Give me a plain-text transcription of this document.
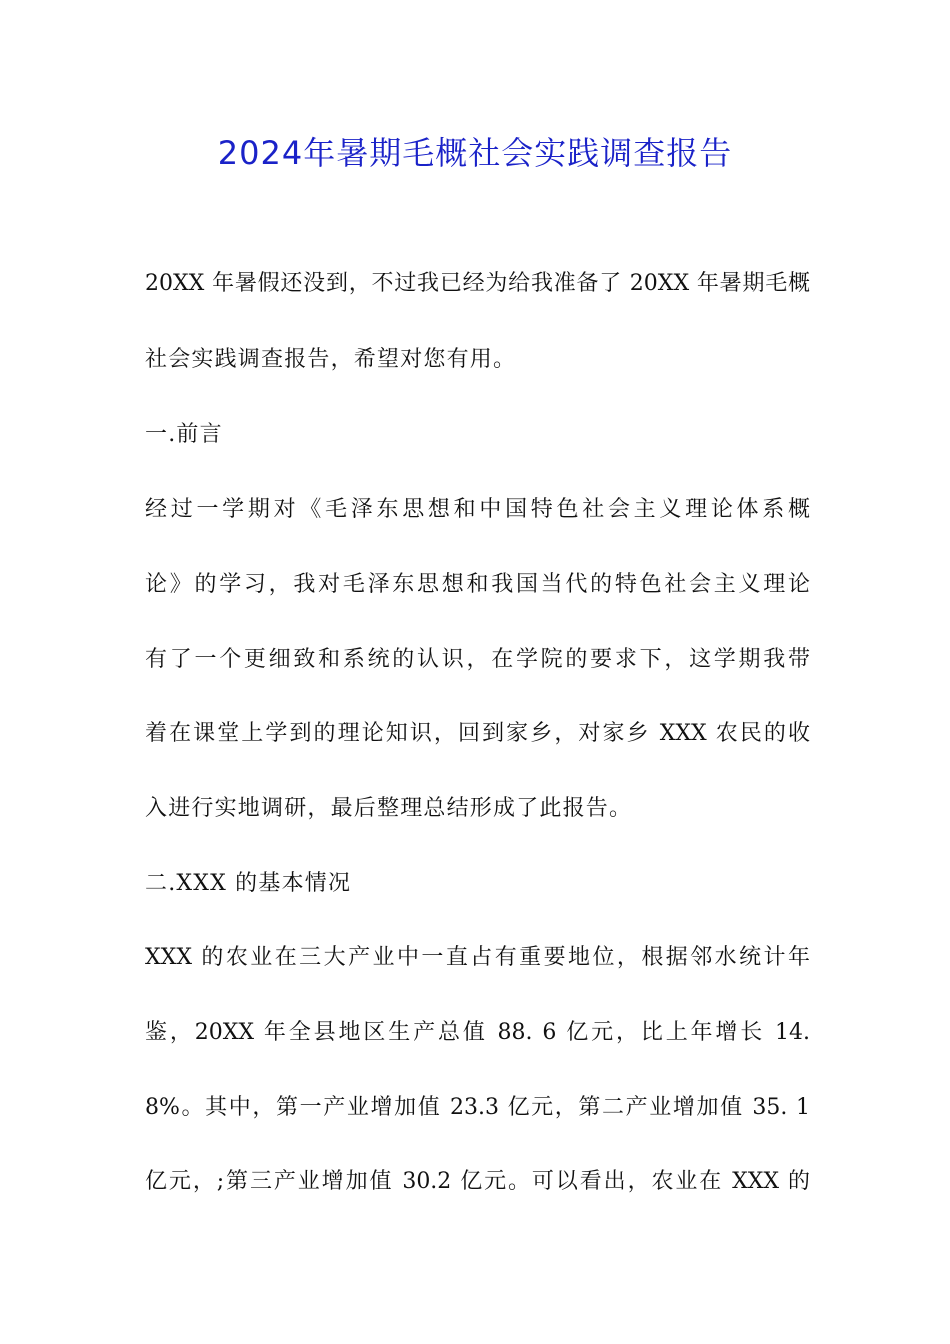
2024年暑期毛概社会实践调查报告
20XX 年暑假还没到，不过我已经为给我准备了 20XX 年暑期毛概
社会实践调查报告，希望对您有用。
一.前言
经过一学期对《毛泽东思想和中国特色社会主义理论体系概
论》的学习，我对毛泽东思想和我国当代的特色社会主义理论
有了一个更细致和系统的认识，在学院的要求下，这学期我带
着在课堂上学到的理论知识，回到家乡，对家乡 XXX 农民的收
入进行实地调研，最后整理总结形成了此报告。
二.XXX 的基本情况
XXX 的农业在三大产业中一直占有重要地位，根据邻水统计年
鉴，20XX 年全县地区生产总值 88. 6 亿元，比上年增长 14.
8%。其中，第一产业增加值 23.3 亿元，第二产业增加值 35. 1
亿元，;第三产业增加值 30.2 亿元。可以看出，农业在 XXX 的
